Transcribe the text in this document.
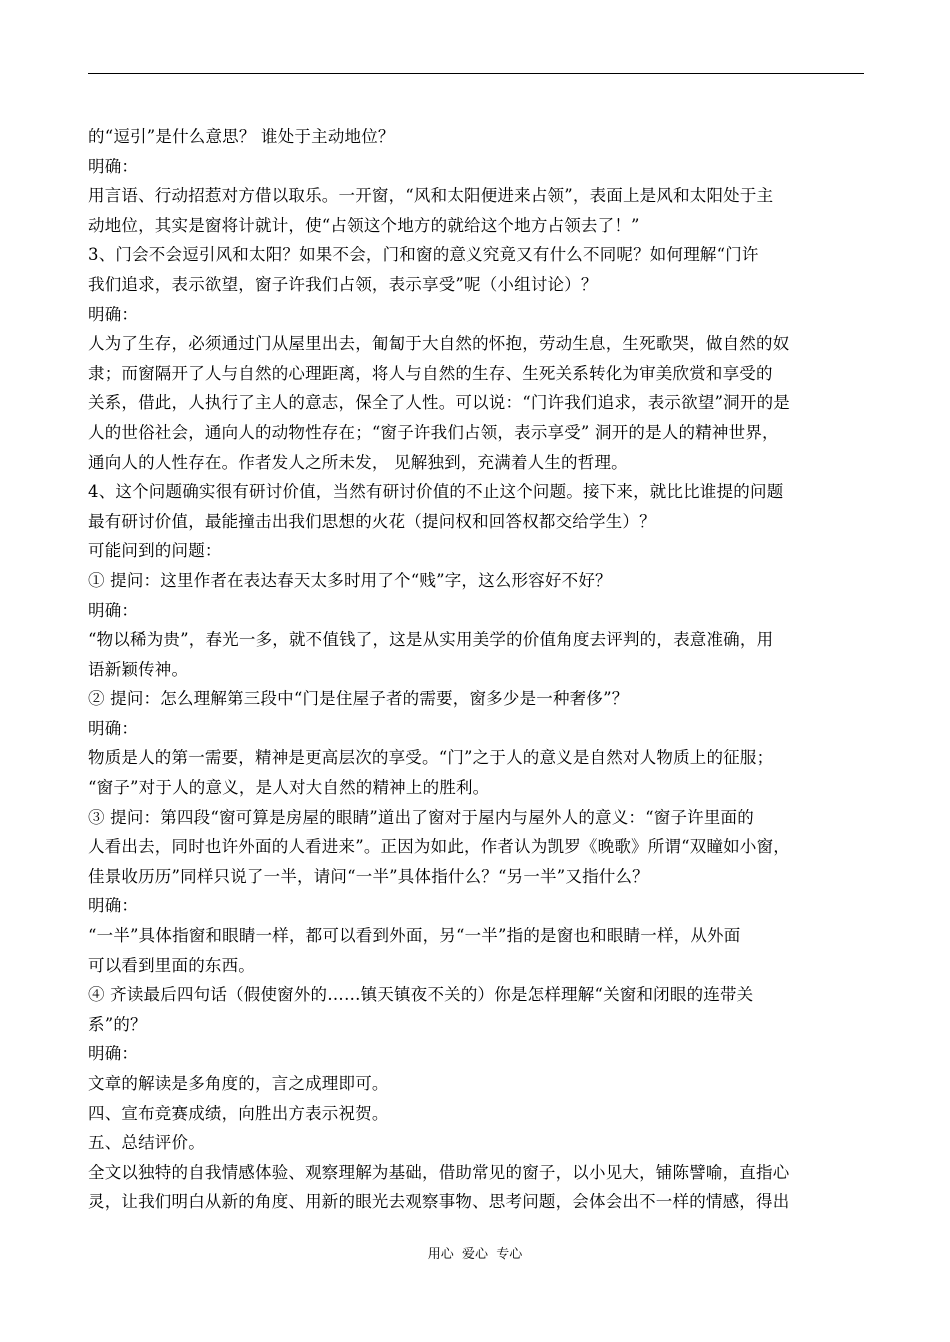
的“逗引”是什么意思？ 谁处于主动地位？
明确：
用言语、行动招惹对方借以取乐。一开窗，“风和太阳便进来占领”，表面上是风和太阳处于主
动地位，其实是窗将计就计，使“占领这个地方的就给这个地方占领去了！”
3、门会不会逗引风和太阳？如果不会，门和窗的意义究竟又有什么不同呢？如何理解“门许
我们追求，表示欲望，窗子许我们占领，表示享受”呢（小组讨论）？
明确：
人为了生存，必须通过门从屋里出去，匍匐于大自然的怀抱，劳动生息，生死歌哭，做自然的奴
隶；而窗隔开了人与自然的心理距离，将人与自然的生存、生死关系转化为审美欣赏和享受的
关系，借此，人执行了主人的意志，保全了人性。可以说：“门许我们追求，表示欲望”洞开的是
人的世俗社会，通向人的动物性存在；“窗子许我们占领，表示享受” 洞开的是人的精神世界，
通向人的人性存在。作者发人之所未发， 见解独到，充满着人生的哲理。
4、这个问题确实很有研讨价值，当然有研讨价值的不止这个问题。接下来，就比比谁提的问题
最有研讨价值，最能撞击出我们思想的火花（提问权和回答权都交给学生）？
可能问到的问题：
① 提问：这里作者在表达春天太多时用了个“贱”字，这么形容好不好？
明确：
“物以稀为贵”，春光一多，就不值钱了，这是从实用美学的价值角度去评判的，表意准确，用
语新颖传神。
② 提问：怎么理解第三段中“门是住屋子者的需要，窗多少是一种奢侈”？
明确：
物质是人的第一需要，精神是更高层次的享受。“门”之于人的意义是自然对人物质上的征服；
“窗子”对于人的意义，是人对大自然的精神上的胜利。
③ 提问：第四段“窗可算是房屋的眼睛”道出了窗对于屋内与屋外人的意义：“窗子许里面的
人看出去，同时也许外面的人看进来”。正因为如此，作者认为凯罗《晚歌》所谓“双瞳如小窗，
佳景收历历”同样只说了一半，请问“一半”具体指什么？“另一半”又指什么？
明确：
“一半”具体指窗和眼睛一样，都可以看到外面，另“一半”指的是窗也和眼睛一样，从外面
可以看到里面的东西。
④ 齐读最后四句话（假使窗外的……镇天镇夜不关的）你是怎样理解“关窗和闭眼的连带关
系”的？
明确：
文章的解读是多角度的，言之成理即可。
四、宣布竞赛成绩，向胜出方表示祝贺。
五、总结评价。
全文以独特的自我情感体验、观察理解为基础，借助常见的窗子，以小见大，铺陈譬喻，直指心
灵，让我们明白从新的角度、用新的眼光去观察事物、思考问题，会体会出不一样的情感，得出
用心  爱心  专心
